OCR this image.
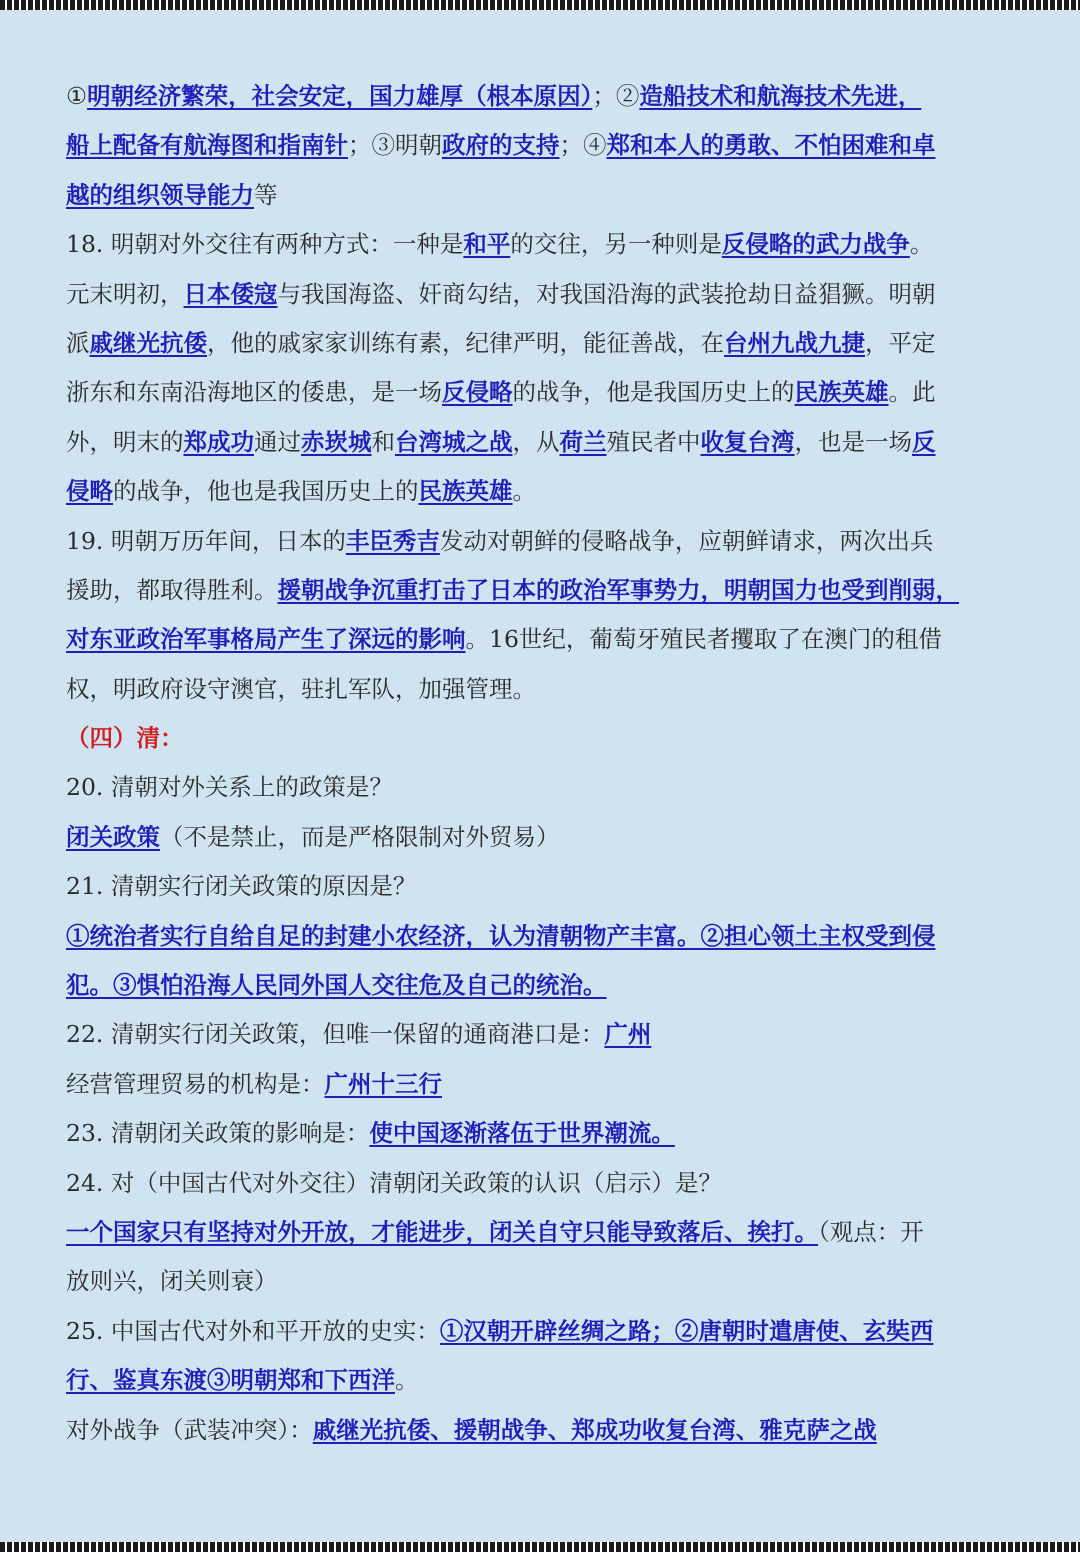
①明朝经济繁荣，社会安定，国力雄厚（根本原因）；②造船技术和航海技术先进，
船上配备有航海图和指南针；③明朝政府的支持；④郑和本人的勇敢、不怕困难和卓
越的组织领导能力等
18. 明朝对外交往有两种方式：一种是和平的交往，另一种则是反侵略的武力战争。
元末明初，日本倭寇与我国海盗、奸商勾结，对我国沿海的武装抢劫日益猖獗。明朝
派戚继光抗倭，他的戚家家训练有素，纪律严明，能征善战，在台州九战九捷，平定
浙东和东南沿海地区的倭患，是一场反侵略的战争，他是我国历史上的民族英雄。此
外，明末的郑成功通过赤崁城和台湾城之战，从荷兰殖民者中收复台湾，也是一场反
侵略的战争，他也是我国历史上的民族英雄。
19. 明朝万历年间，日本的丰臣秀吉发动对朝鲜的侵略战争，应朝鲜请求，两次出兵
援助，都取得胜利。援朝战争沉重打击了日本的政治军事势力，明朝国力也受到削弱，
对东亚政治军事格局产生了深远的影响。16世纪，葡萄牙殖民者攫取了在澳门的租借
权，明政府设守澳官，驻扎军队，加强管理。
（四）清：
20. 清朝对外关系上的政策是？
闭关政策（不是禁止，而是严格限制对外贸易）
21. 清朝实行闭关政策的原因是？
①统治者实行自给自足的封建小农经济，认为清朝物产丰富。②担心领土主权受到侵
犯。③惧怕沿海人民同外国人交往危及自己的统治。
22. 清朝实行闭关政策，但唯一保留的通商港口是：广州
经营管理贸易的机构是：广州十三行
23. 清朝闭关政策的影响是：使中国逐渐落伍于世界潮流。
24. 对（中国古代对外交往）清朝闭关政策的认识（启示）是？
一个国家只有坚持对外开放，才能进步，闭关自守只能导致落后、挨打。（观点：开
放则兴，闭关则衰）
25. 中国古代对外和平开放的史实：①汉朝开辟丝绸之路；②唐朝时遣唐使、玄奘西
行、鉴真东渡③明朝郑和下西洋。
对外战争（武装冲突）：戚继光抗倭、援朝战争、郑成功收复台湾、雅克萨之战
